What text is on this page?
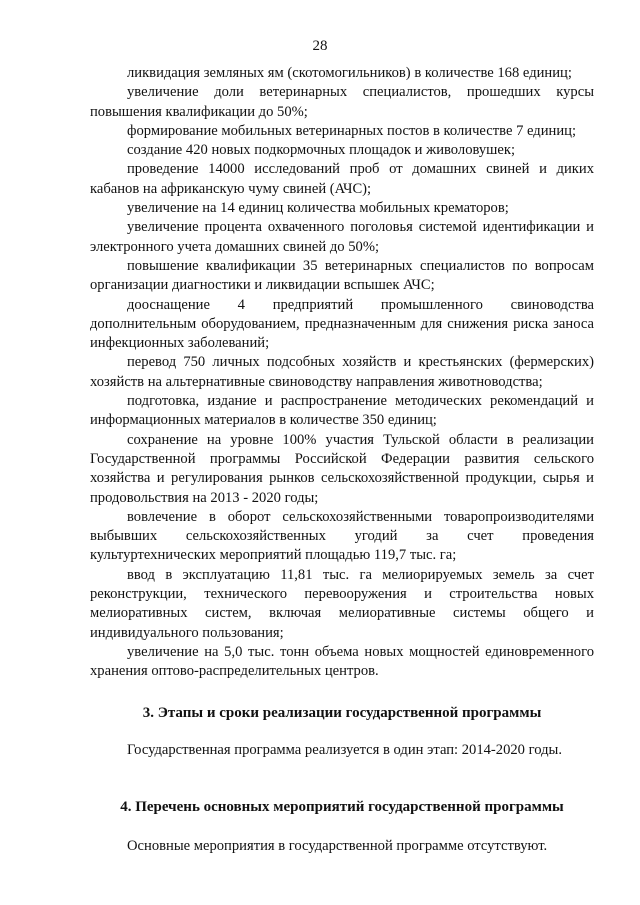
28

ликвидация земляных ям (скотомогильников) в количестве 168 единиц;

увеличение доли ветеринарных специалистов, прошедших курсы повышения квалификации до 50%;

формирование мобильных ветеринарных постов в количестве 7 единиц;

создание 420 новых подкормочных площадок и живоловушек;

проведение 14000 исследований проб от домашних свиней и диких кабанов на африканскую чуму свиней (АЧС);

увеличение на 14 единиц количества мобильных крематоров;

увеличение процента охваченного поголовья системой идентификации и электронного учета домашних свиней до 50%;

повышение квалификации 35 ветеринарных специалистов по вопросам организации диагностики и ликвидации вспышек АЧС;

дооснащение 4 предприятий промышленного свиноводства дополнительным оборудованием, предназначенным для снижения риска заноса инфекционных заболеваний;

перевод 750 личных подсобных хозяйств и крестьянских (фермерских) хозяйств на альтернативные свиноводству направления животноводства;

подготовка, издание и распространение методических рекомендаций и информационных материалов в количестве 350 единиц;

сохранение на уровне 100% участия Тульской области в реализации Государственной программы Российской Федерации развития сельского хозяйства и регулирования рынков сельскохозяйственной продукции, сырья и продовольствия на 2013 - 2020 годы;

вовлечение в оборот сельскохозяйственными товаропроизводителями выбывших сельскохозяйственных угодий за счет проведения культуртехнических мероприятий площадью 119,7 тыс. га;

ввод в эксплуатацию 11,81 тыс. га мелиорируемых земель за счет реконструкции, технического перевооружения и строительства новых мелиоративных систем, включая мелиоративные системы общего и индивидуального пользования;

увеличение на 5,0 тыс. тонн объема новых мощностей единовременного хранения оптово-распределительных центров.

3. Этапы и сроки реализации государственной программы

Государственная программа реализуется в один этап: 2014-2020 годы.

4. Перечень основных мероприятий государственной программы

Основные мероприятия в государственной программе отсутствуют.
